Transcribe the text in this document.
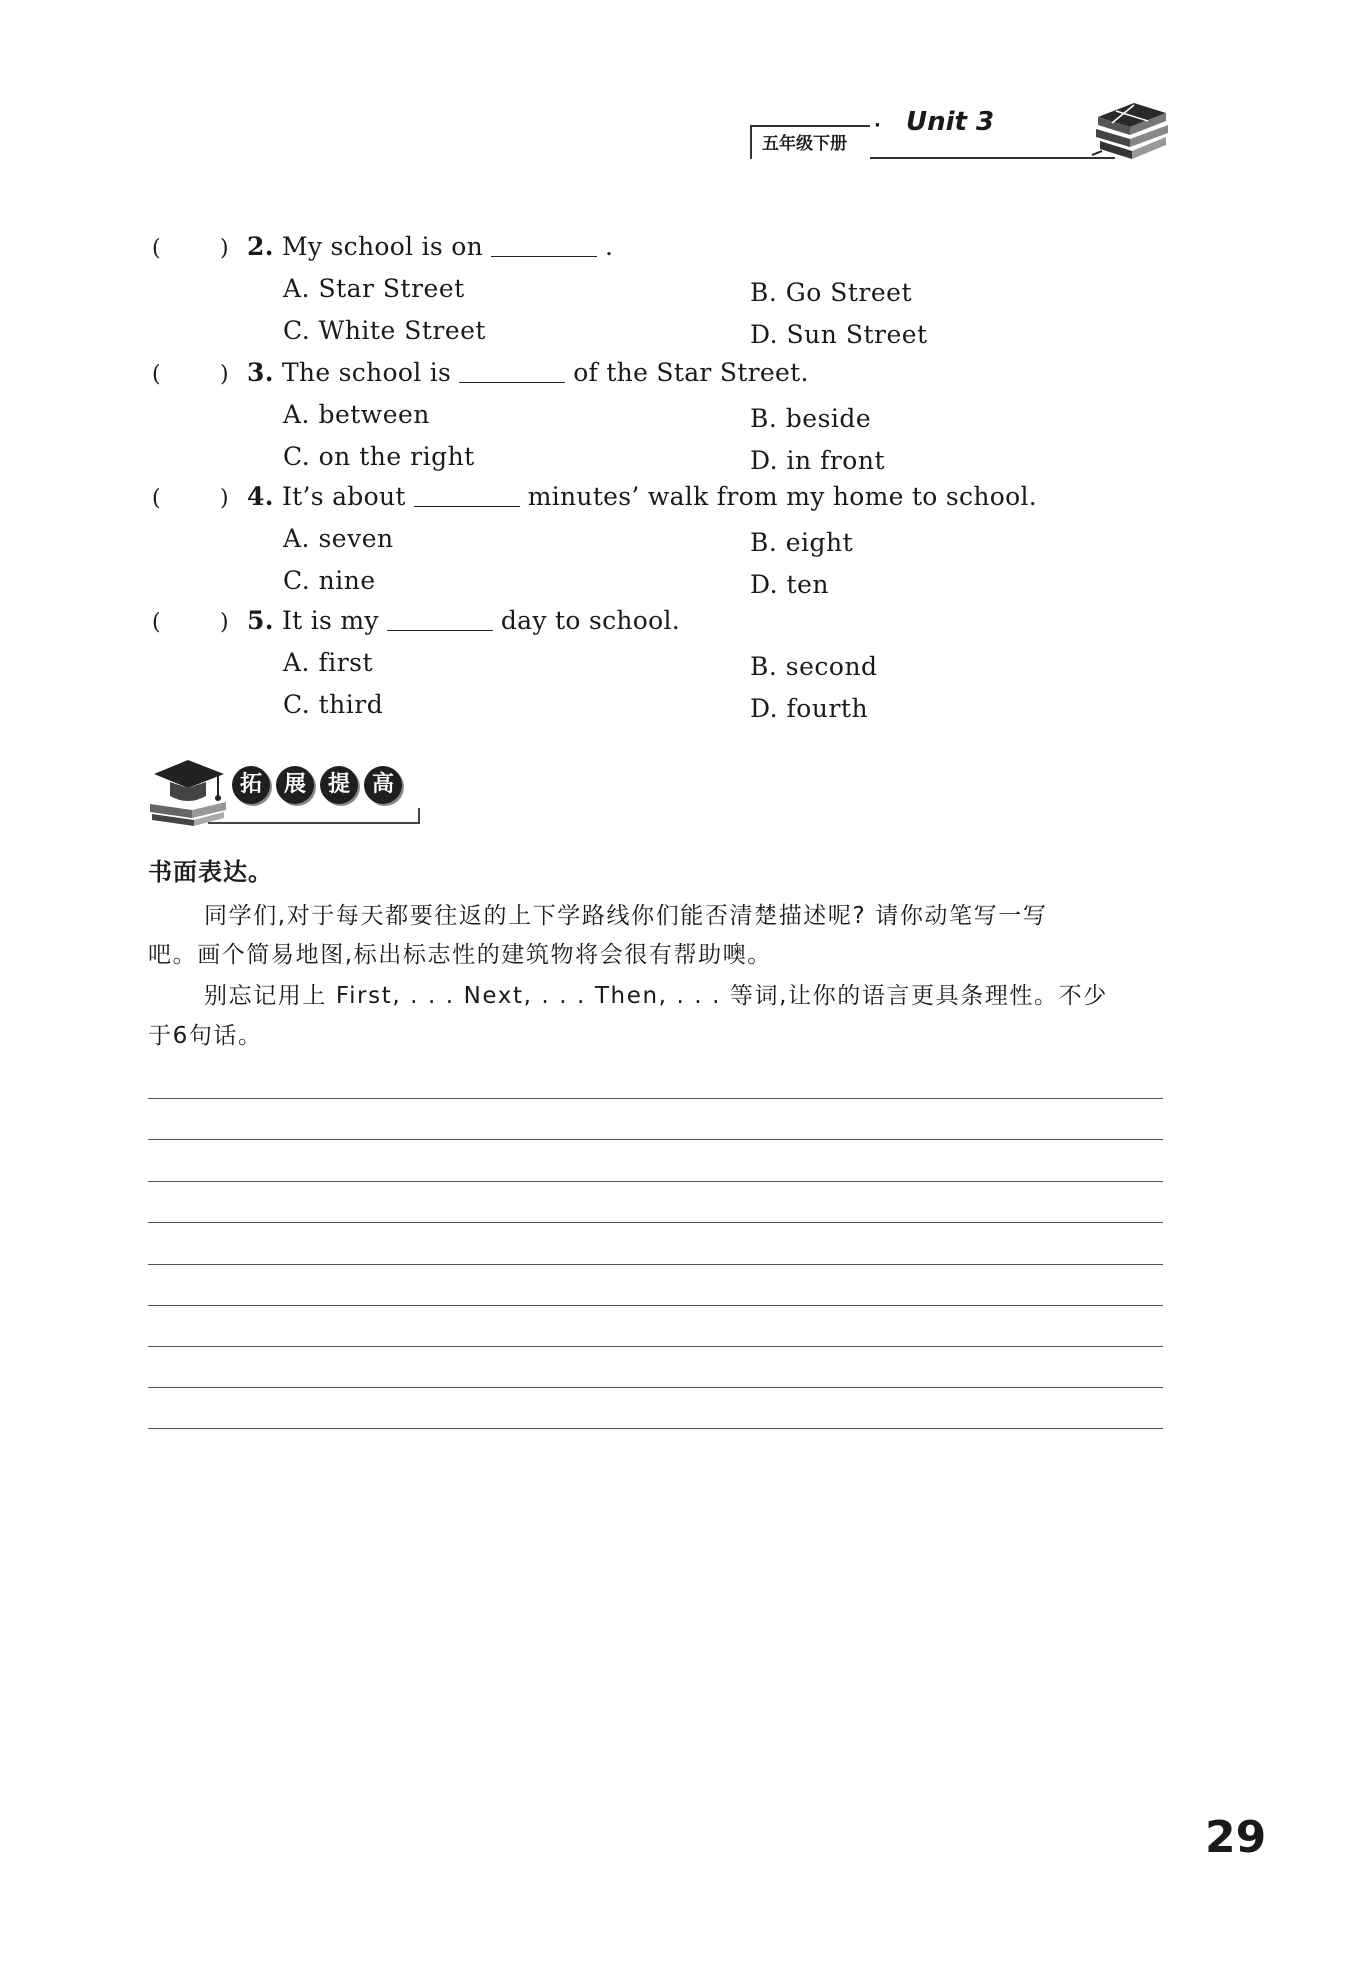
五年级下册
· Unit 3
(	) 2. My school is on	.
A. Star Street	B. Go Street
C. White Street	D. Sun Street
(	) 3. The school is	of the Star Street.
A. between	B. beside
C. on the right	D. in front
(	) 4. It’s about	minutes’ walk from my home to school.
A. seven	B. eight
C. nine	D. ten
(	) 5. It is my	day to school.
A. first	B. second
C. third	D. fourth
拓 展 提 高
书面表达。
同学们,对于每天都要往返的上下学路线你们能否清楚描述呢? 请你动笔写一写
吧。画个简易地图,标出标志性的建筑物将会很有帮助噢。
别忘记用上 First, . . . Next, . . . Then, . . . 等词,让你的语言更具条理性。不少
于6句话。
29
